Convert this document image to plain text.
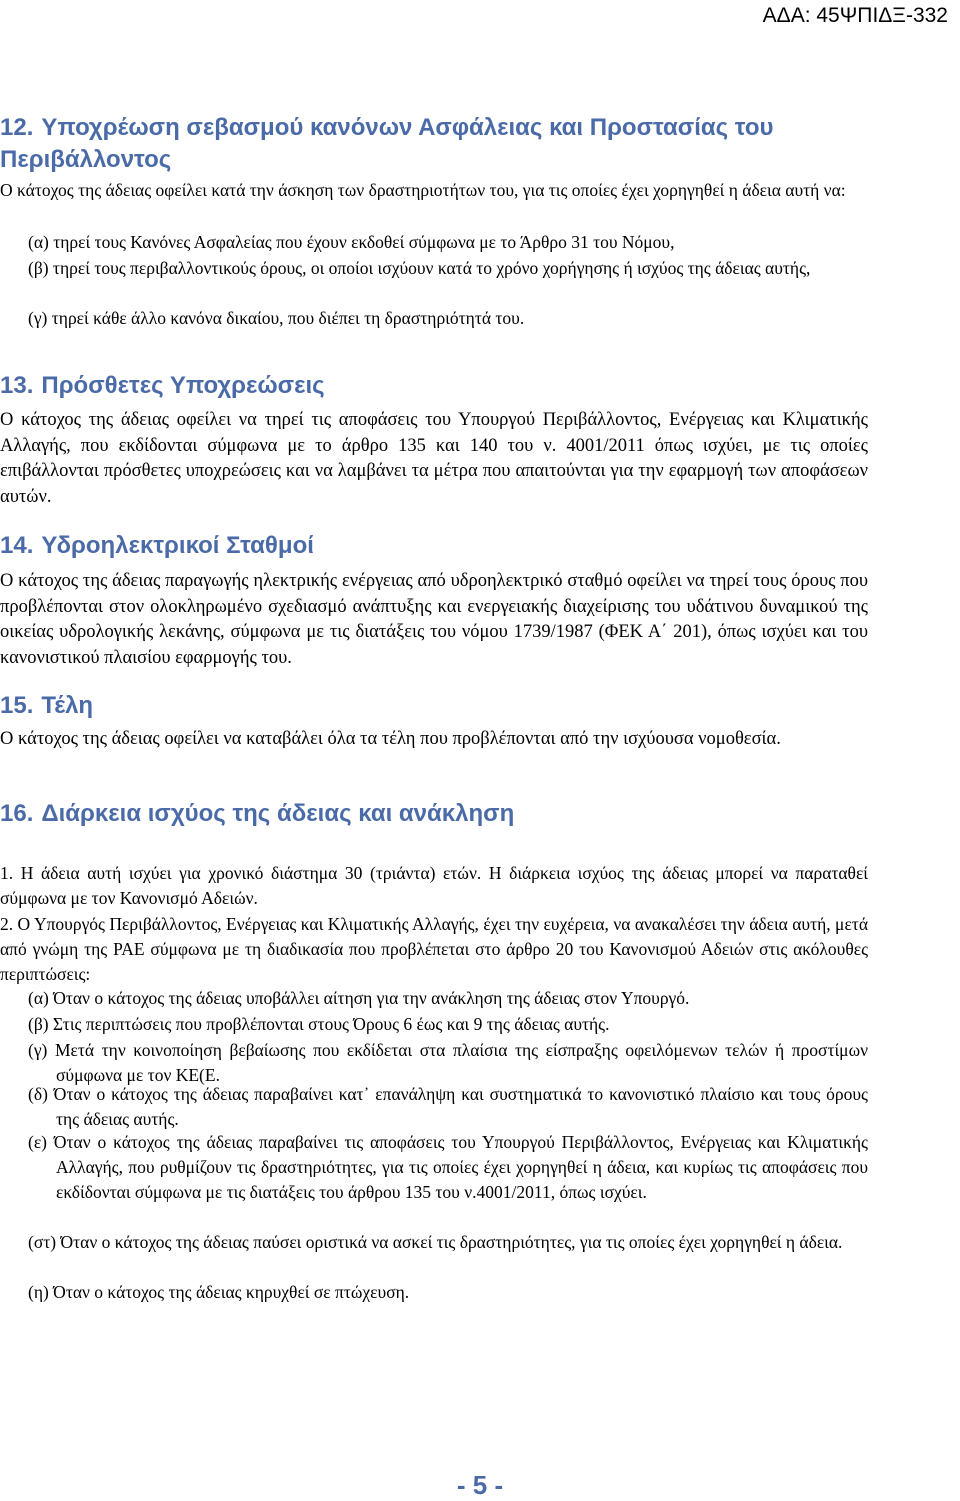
ΑΔΑ: 45ΨΠΙΔΞ-332
12. Υποχρέωση σεβασμού κανόνων Ασφάλειας και Προστασίας του Περιβάλλοντος

Ο κάτοχος της άδειας οφείλει κατά την άσκηση των δραστηριοτήτων του, για τις οποίες έχει χορηγηθεί η άδεια αυτή να:

(α) τηρεί τους Κανόνες Ασφαλείας που έχουν εκδοθεί σύμφωνα με το Άρθρο 31 του Νόμου,

(β) τηρεί τους περιβαλλοντικούς όρους, οι οποίοι ισχύουν κατά το χρόνο χορήγησης ή ισχύος της άδειας αυτής,

(γ) τηρεί κάθε άλλο κανόνα δικαίου, που διέπει τη δραστηριότητά του.

13. Πρόσθετες Υποχρεώσεις

Ο κάτοχος της άδειας οφείλει να τηρεί τις αποφάσεις του Υπουργού Περιβάλλοντος, Ενέργειας και Κλιματικής Αλλαγής, που εκδίδονται σύμφωνα με το άρθρο 135 και 140 του ν. 4001/2011 όπως ισχύει, με τις οποίες επιβάλλονται πρόσθετες υποχρεώσεις και να λαμβάνει τα μέτρα που απαιτούνται για την εφαρμογή των αποφάσεων αυτών.

14. Υδροηλεκτρικοί Σταθμοί

Ο κάτοχος της άδειας παραγωγής ηλεκτρικής ενέργειας από υδροηλεκτρικό σταθμό οφείλει να τηρεί τους όρους που προβλέπονται στον ολοκληρωμένο σχεδιασμό ανάπτυξης και ενεργειακής διαχείρισης του υδάτινου δυναμικού της οικείας υδρολογικής λεκάνης, σύμφωνα με τις διατάξεις του νόμου 1739/1987 (ΦΕΚ Α΄ 201), όπως ισχύει και του κανονιστικού πλαισίου εφαρμογής του.

15. Τέλη

Ο κάτοχος της άδειας οφείλει να καταβάλει όλα τα τέλη που προβλέπονται από την ισχύουσα νομοθεσία.

16. Διάρκεια ισχύος της άδειας και ανάκληση

1. Η άδεια αυτή ισχύει για χρονικό διάστημα 30 (τριάντα) ετών. Η διάρκεια ισχύος της άδειας μπορεί να παραταθεί σύμφωνα με τον Κανονισμό Αδειών.

2. Ο Υπουργός Περιβάλλοντος, Ενέργειας και Κλιματικής Αλλαγής, έχει την ευχέρεια, να ανακαλέσει την άδεια αυτή, μετά από γνώμη της ΡΑΕ σύμφωνα με τη διαδικασία που προβλέπεται στο άρθρο 20 του Κανονισμού Αδειών στις ακόλουθες περιπτώσεις:

(α) Όταν ο κάτοχος της άδειας υποβάλλει αίτηση για την ανάκληση της άδειας στον Υπουργό.

(β) Στις περιπτώσεις που προβλέπονται στους Όρους 6 έως και 9 της άδειας αυτής.

(γ) Μετά την κοινοποίηση βεβαίωσης που εκδίδεται στα πλαίσια της είσπραξης οφειλόμενων τελών ή προστίμων σύμφωνα με τον ΚΕ(Ε.

(δ) Όταν ο κάτοχος της άδειας παραβαίνει κατ᾽ επανάληψη και συστηματικά το κανονιστικό πλαίσιο και τους όρους της άδειας αυτής.

(ε) Όταν ο κάτοχος της άδειας παραβαίνει τις αποφάσεις του Υπουργού Περιβάλλοντος, Ενέργειας και Κλιματικής Αλλαγής, που ρυθμίζουν τις δραστηριότητες, για τις οποίες έχει χορηγηθεί η άδεια, και κυρίως τις αποφάσεις που εκδίδονται σύμφωνα με τις διατάξεις του άρθρου 135 του ν.4001/2011, όπως ισχύει.

(στ) Όταν ο κάτοχος της άδειας παύσει οριστικά να ασκεί τις δραστηριότητες, για τις οποίες έχει χορηγηθεί η άδεια.

(η) Όταν ο κάτοχος της άδειας κηρυχθεί σε πτώχευση.

- 5 -
